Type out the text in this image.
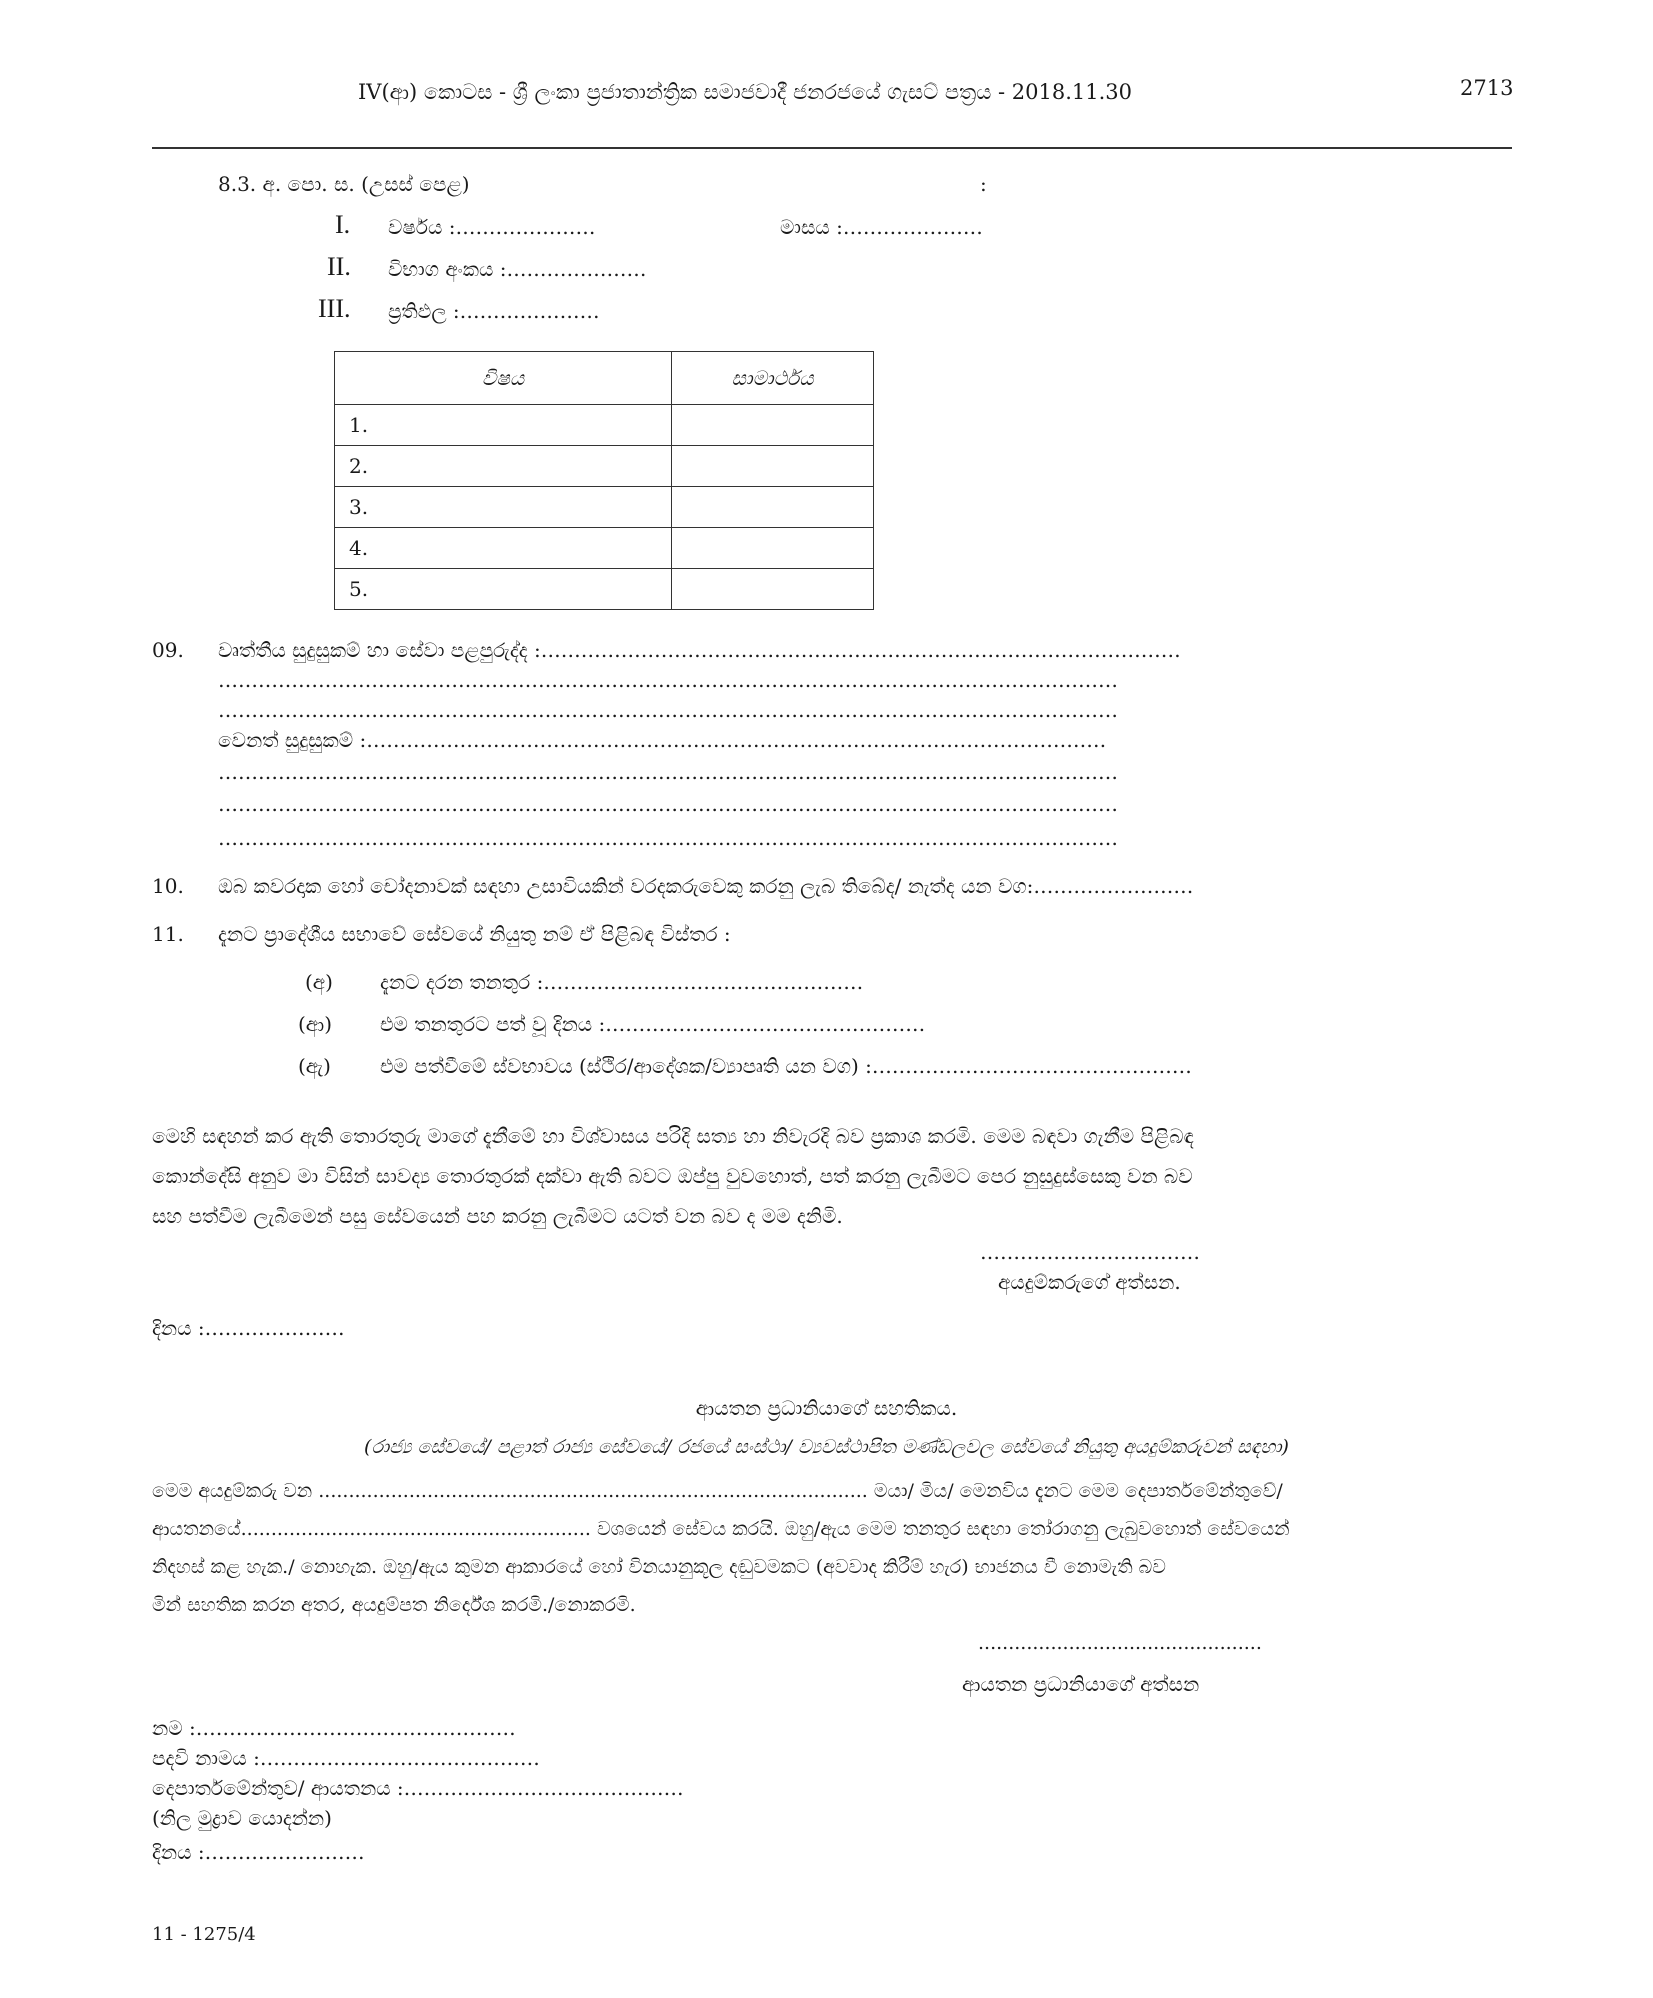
IV(ආ) කොටස - ශ්‍රී ලංකා ප්‍රජාතාන්ත්‍රික සමාජවාදී ජනරජයේ ගැසට් පත්‍රය - 2018.11.30	2713
8.3. අ. පො. ස. (උසස් පෙළ)	:
I. වර්ෂය :…………………	මාසය :…………………
II. විභාග අංකය :…………………
III. ප්‍රතිඵල :…………………
විෂය	සාමාර්ථය
1.	
2.	
3.	
4.	
5.	
09. වෘත්තීය සුදුසුකම් හා සේවා පළපුරුද්ද :……………………………………………………………………………………
………………………………………………………………………………………………………………………
………………………………………………………………………………………………………………………
වෙනත් සුදුසුකම් :…………………………………………………………………………………………………
………………………………………………………………………………………………………………………
………………………………………………………………………………………………………………………
………………………………………………………………………………………………………………………
10. ඔබ කවරදාක හෝ චෝදනාවක් සඳහා උසාවියකින් වරදකරුවෙකු කරනු ලැබ තිබේද/ නැත්ද යන වග:……………………
11. දැනට ප්‍රාදේශීය සභාවේ සේවයේ නියුතු නම් ඒ පිළිබඳ විස්තර :
(අ) දැනට දරන තනතුර :…………………………………………
(ආ) එම තනතුරට පත් වූ දිනය :…………………………………………
(ඇ) එම පත්වීමේ ස්වභාවය (ස්ථිර/ආදේශක/ව්‍යාපෘති යන වග) :…………………………………………
මෙහි සඳහන් කර ඇති තොරතුරු මාගේ දැනීමේ හා විශ්වාසය පරිදි සත්‍ය හා නිවැරදි බව ප්‍රකාශ කරමි. මෙම බඳවා ගැනීම පිළිබඳ
කොන්දේසි අනුව මා විසින් සාවද්‍ය තොරතුරක් දක්වා ඇති බවට ඔප්පු වුවහොත්, පත් කරනු ලැබීමට පෙර නුසුදුස්සෙකු වන බව
සහ පත්වීම ලැබීමෙන් පසු සේවයෙන් පහ කරනු ලැබීමට යටත් වන බව ද මම දනිමි.
……………………………
අයදුම්කරුගේ අත්සන.
දිනය :…………………
ආයතන ප්‍රධානියාගේ සහතිකය.
(රාජ්‍ය සේවයේ/ පළාත් රාජ්‍ය සේවයේ/ රජයේ සංස්ථා/ ව්‍යවස්ථාපිත මණ්ඩලවල සේවයේ නියුතු අයදුම්කරුවන් සඳහා)
මෙම අයදුම්කරු වන ........................................................................................... මයා/ මිය/ මෙනවිය දැනට මෙම දෙපාර්තමේන්තුවේ/
ආයතනයේ.......................................................... වශයෙන් සේවය කරයි. ඔහු/ඇය මෙම තනතුර සඳහා තෝරාගනු ලැබුවහොත් සේවයෙන්
නිදහස් කළ හැක./ නොහැක. ඔහු/ඇය කුමන ආකාරයේ හෝ විනයානුකූල දඬුවමකට (අවවාද කිරීම් හැර) භාජනය වී නොමැති බව
මින් සහතික කරන අතර, අයදුම්පත නිර්දේශ කරමි./නොකරමි.
...............................................
ආයතන ප්‍රධානියාගේ අත්සන
නම :…………………………………………
පදවි නාමය :……………………………………
දෙපාර්තමේන්තුව/ ආයතනය :……………………………………
(නිල මුද්‍රාව යොදන්න)
දිනය :……………………
11 - 1275/4
